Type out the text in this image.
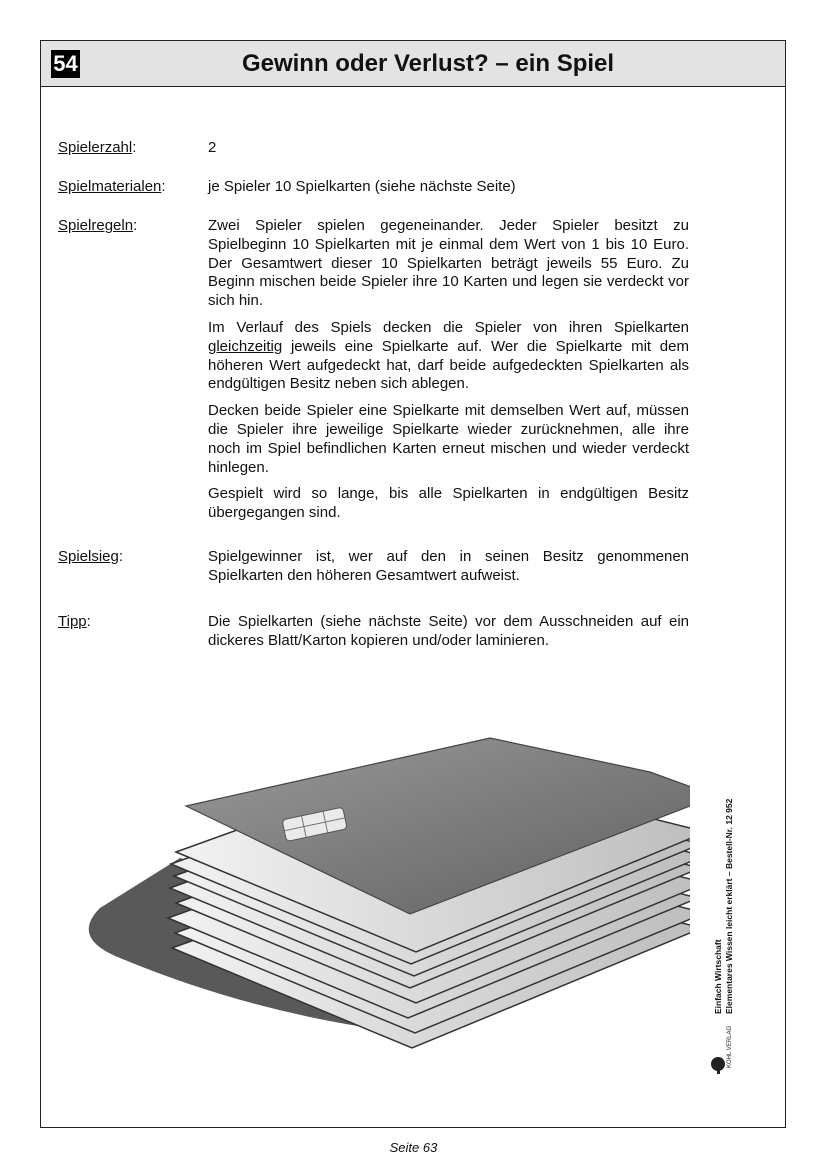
54	Gewinn oder Verlust? – ein Spiel
Spielerzahl:	2
Spielmaterialen:	je Spieler 10 Spielkarten (siehe nächste Seite)
Spielregeln:	Zwei Spieler spielen gegeneinander. Jeder Spieler besitzt zu Spielbeginn 10 Spielkarten mit je einmal dem Wert von 1 bis 10 Euro. Der Gesamtwert dieser 10 Spielkarten beträgt jeweils 55 Euro. Zu Beginn mischen beide Spieler ihre 10 Karten und legen sie verdeckt vor sich hin.

Im Verlauf des Spiels decken die Spieler von ihren Spielkarten gleichzeitig jeweils eine Spielkarte auf. Wer die Spielkarte mit dem höheren Wert aufgedeckt hat, darf beide aufgedeckten Spielkarten als endgültigen Besitz neben sich ablegen.

Decken beide Spieler eine Spielkarte mit demselben Wert auf, müssen die Spieler ihre jeweilige Spielkarte wieder zurücknehmen, alle ihre noch im Spiel befindlichen Karten erneut mischen und wieder verdeckt hinlegen.

Gespielt wird so lange, bis alle Spielkarten in endgültigen Besitz übergegangen sind.

Spielsieg:	Spielgewinner ist, wer auf den in seinen Besitz genommenen Spielkarten den höheren Gesamtwert aufweist.
Tipp:	Die Spielkarten (siehe nächste Seite) vor dem Ausschneiden auf ein dickeres Blatt/Karton kopieren und/oder laminieren.
Einfach Wirtschaft Elementares Wissen leicht erklärt – Bestell-Nr. 12 952
KOHL VERLAG
Seite 63
